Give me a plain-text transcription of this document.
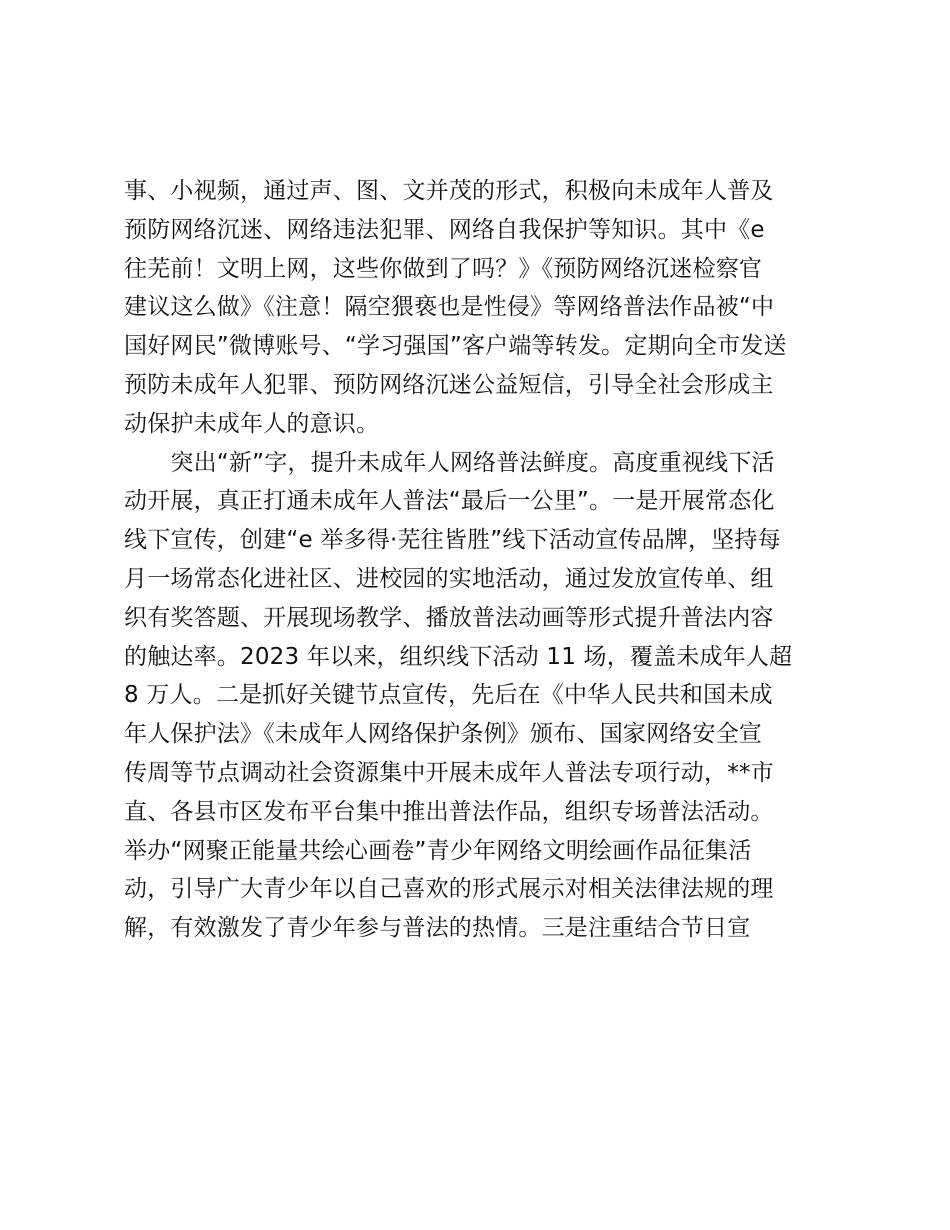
事、小视频，通过声、图、文并茂的形式，积极向未成年人普及
预防网络沉迷、网络违法犯罪、网络自我保护等知识。其中《e
往芜前！文明上网，这些你做到了吗？》《预防网络沉迷检察官
建议这么做》《注意！隔空猥亵也是性侵》等网络普法作品被“中
国好网民”微博账号、“学习强国”客户端等转发。定期向全市发送
预防未成年人犯罪、预防网络沉迷公益短信，引导全社会形成主
动保护未成年人的意识。
　　突出“新”字，提升未成年人网络普法鲜度。高度重视线下活
动开展，真正打通未成年人普法“最后一公里”。一是开展常态化
线下宣传，创建“e 举多得·芜往皆胜”线下活动宣传品牌，坚持每
月一场常态化进社区、进校园的实地活动，通过发放宣传单、组
织有奖答题、开展现场教学、播放普法动画等形式提升普法内容
的触达率。2023 年以来，组织线下活动 11 场，覆盖未成年人超
8 万人。二是抓好关键节点宣传，先后在《中华人民共和国未成
年人保护法》《未成年人网络保护条例》颁布、国家网络安全宣
传周等节点调动社会资源集中开展未成年人普法专项行动，**市
直、各县市区发布平台集中推出普法作品，组织专场普法活动。
举办“网聚正能量共绘心画卷”青少年网络文明绘画作品征集活
动，引导广大青少年以自己喜欢的形式展示对相关法律法规的理
解，有效激发了青少年参与普法的热情。三是注重结合节日宣
